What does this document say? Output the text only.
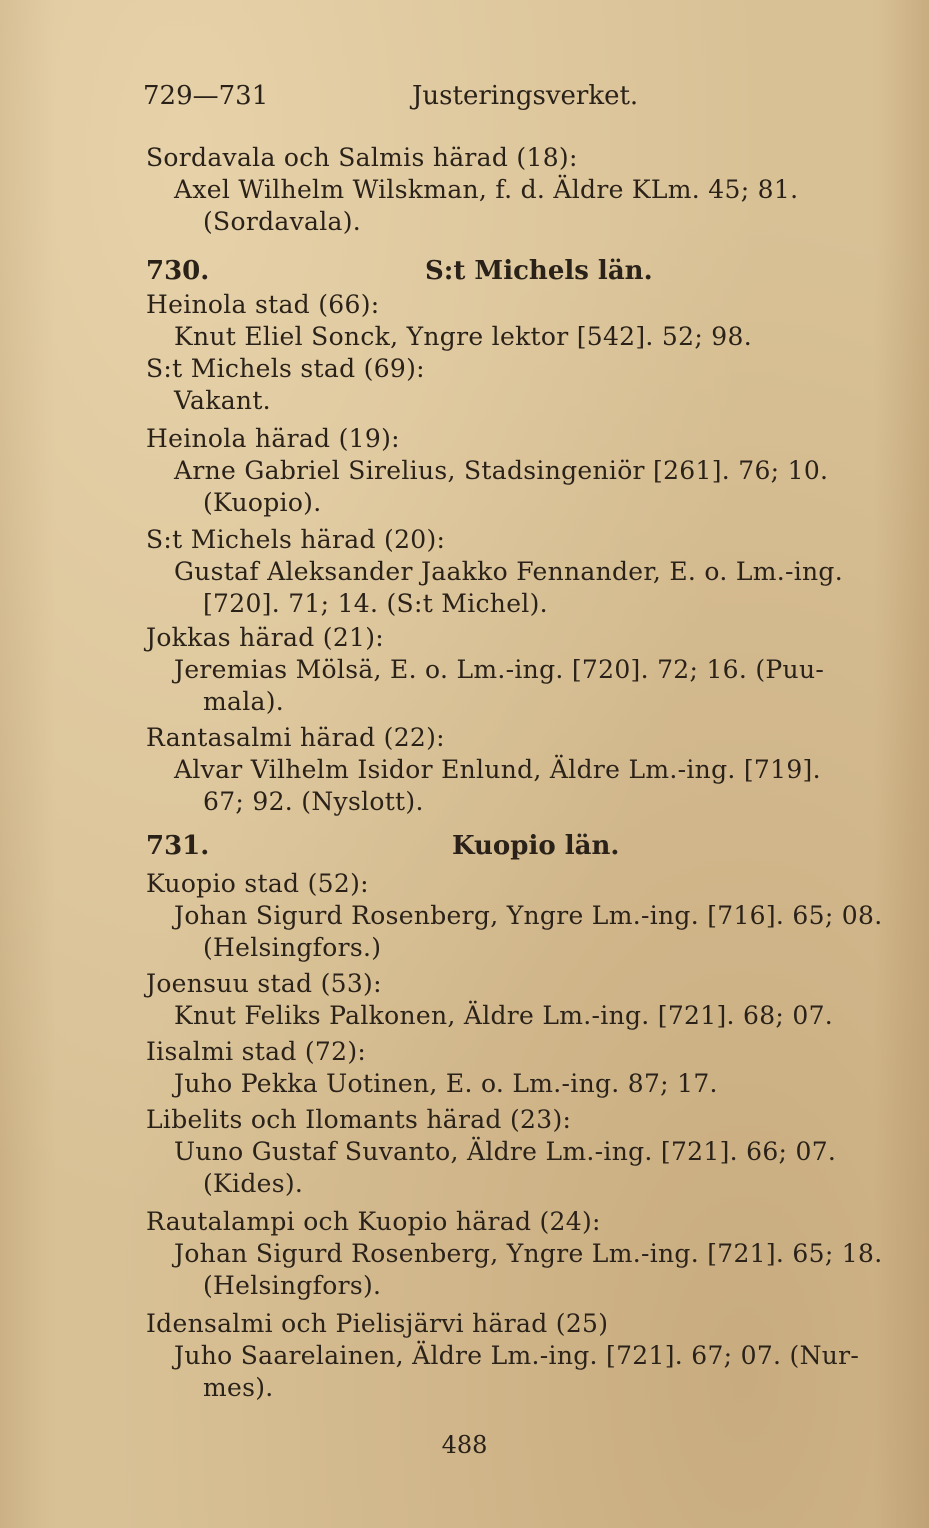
729—731	Justeringsverket.
Sordavala och Salmis härad (18):
Axel Wilhelm Wilskman, f. d. Äldre KLm. 45; 81.
(Sordavala).
730.	S:t Michels län.
Heinola stad (66):
Knut Eliel Sonck, Yngre lektor [542]. 52; 98.
S:t Michels stad (69):
Vakant.
Heinola härad (19):
Arne Gabriel Sirelius, Stadsingeniör [261]. 76; 10.
(Kuopio).
S:t Michels härad (20):
Gustaf Aleksander Jaakko Fennander, E. o. Lm.-ing.
[720]. 71; 14. (S:t Michel).
Jokkas härad (21):
Jeremias Mölsä, E. o. Lm.-ing. [720]. 72; 16. (Puu-
mala).
Rantasalmi härad (22):
Alvar Vilhelm Isidor Enlund, Äldre Lm.-ing. [719].
67; 92. (Nyslott).
731.	Kuopio län.
Kuopio stad (52):
Johan Sigurd Rosenberg, Yngre Lm.-ing. [716]. 65; 08.
(Helsingfors.)
Joensuu stad (53):
Knut Feliks Palkonen, Äldre Lm.-ing. [721]. 68; 07.
Iisalmi stad (72):
Juho Pekka Uotinen, E. o. Lm.-ing. 87; 17.
Libelits och Ilomants härad (23):
Uuno Gustaf Suvanto, Äldre Lm.-ing. [721]. 66; 07.
(Kides).
Rautalampi och Kuopio härad (24):
Johan Sigurd Rosenberg, Yngre Lm.-ing. [721]. 65; 18.
(Helsingfors).
Idensalmi och Pielisjärvi härad (25)
Juho Saarelainen, Äldre Lm.-ing. [721]. 67; 07. (Nur-
mes).
488
